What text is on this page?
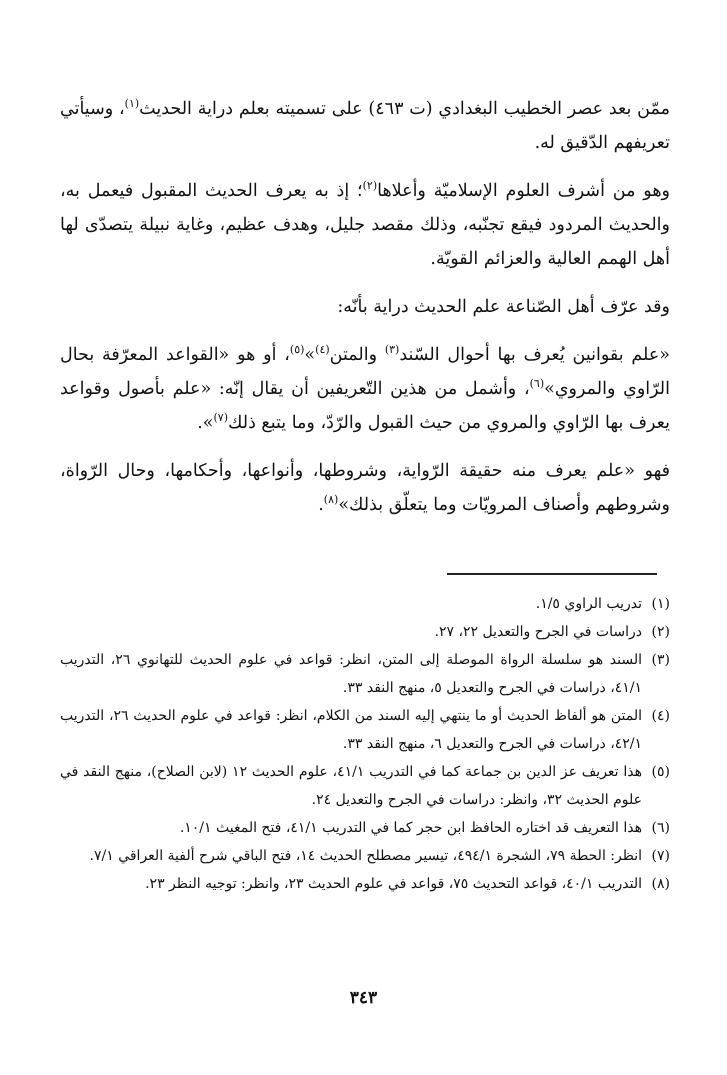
ممّن بعد عصر الخطيب البغدادي (ت ٤٦٣) على تسميته بعلم دراية الحديث$^{(١)}$، وسيأتي تعريفهم الدّقيق له.

وهو من أشرف العلوم الإسلاميّة وأعلاها$^{(٢)}$؛ إذ به يعرف الحديث المقبول فيعمل به، والحديث المردود فيقع تجنّبه، وذلك مقصد جليل، وهدف عظيم، وغاية نبيلة يتصدّى لها أهل الهمم العالية والعزائم القويّة.

وقد عرّف أهل الصّناعة علم الحديث دراية بأنّه:

«علم بقوانين يُعرف بها أحوال السّند$^{(٣)}$ والمتن$^{(٤)}$»$^{(٥)}$، أو هو «القواعد المعرّفة بحال الرّاوي والمروي»$^{(٦)}$، وأشمل من هذين التّعريفين أن يقال إنّه: «علم بأصول وقواعد يعرف بها الرّاوي والمروي من حيث القبول والرّدّ، وما يتبع ذلك$^{(٧)}$».

فهو «علم يعرف منه حقيقة الرّواية، وشروطها، وأنواعها، وأحكامها، وحال الرّواة، وشروطهم وأصناف المرويّات وما يتعلّق بذلك»$^{(٨)}$.

(١)
تدريب الراوي ١/٥.
(٢)
دراسات في الجرح والتعديل ٢٢، ٢٧.
(٣)
السند هو سلسلة الرواة الموصلة إلى المتن، انظر: قواعد في علوم الحديث للتهانوي ٢٦، التدريب ٤١/١، دراسات في الجرح والتعديل ٥، منهج النقد ٣٣.
(٤)
المتن هو ألفاظ الحديث أو ما ينتهي إليه السند من الكلام، انظر: قواعد في علوم الحديث ٢٦، التدريب ٤٢/١، دراسات في الجرح والتعديل ٦، منهج النقد ٣٣.
(٥)
هذا تعريف عز الدين بن جماعة كما في التدريب ٤١/١، علوم الحديث ١٢ (لابن الصلاح)، منهج النقد في علوم الحديث ٣٢، وانظر: دراسات في الجرح والتعديل ٢٤.
(٦)
هذا التعريف قد اختاره الحافظ ابن حجر كما في التدريب ٤١/١، فتح المغيث ١٠/١.
(٧)
انظر: الحطة ٧٩، الشجرة ٤٩٤/١، تيسير مصطلح الحديث ١٤، فتح الباقي شرح ألفية العراقي ٧/١.
(٨)
التدريب ٤٠/١، قواعد التحديث ٧٥، قواعد في علوم الحديث ٢٣، وانظر: توجيه النظر ٢٣.
٣٤٣
